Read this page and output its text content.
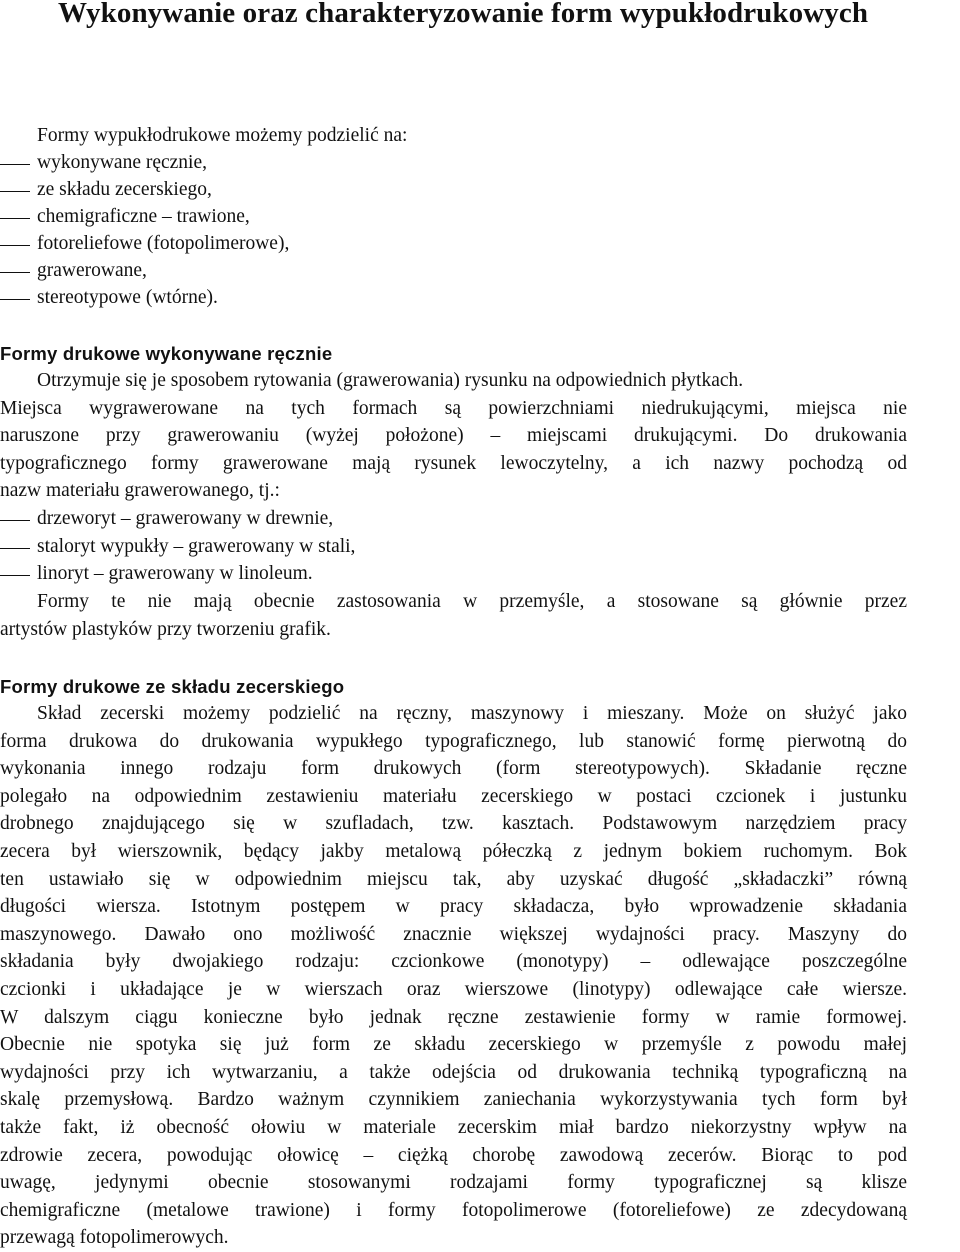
Wykonywanie oraz charakteryzowanie form wypukłodrukowych
Formy wypukłodrukowe możemy podzielić na:
wykonywane ręcznie,
ze składu zecerskiego,
chemigraficzne – trawione,
fotoreliefowe (fotopolimerowe),
grawerowane,
stereotypowe (wtórne).
Formy drukowe wykonywane ręcznie
Otrzymuje się je sposobem rytowania (grawerowania) rysunku na odpowiednich płytkach.
Miejsca wygrawerowane na tych formach są powierzchniami niedrukującymi, miejsca nie
naruszone przy grawerowaniu (wyżej położone) – miejscami drukującymi. Do drukowania
typograficznego formy grawerowane mają rysunek lewoczytelny, a ich nazwy pochodzą od
nazw materiału grawerowanego, tj.:
drzeworyt – grawerowany w drewnie,
staloryt wypukły – grawerowany w stali,
linoryt – grawerowany w linoleum.
Formy te nie mają obecnie zastosowania w przemyśle, a stosowane są głównie przez
artystów plastyków przy tworzeniu grafik.
Formy drukowe ze składu zecerskiego
Skład zecerski możemy podzielić na ręczny, maszynowy i mieszany. Może on służyć jako
forma drukowa do drukowania wypukłego typograficznego, lub stanowić formę pierwotną do
wykonania innego rodzaju form drukowych (form stereotypowych). Składanie ręczne
polegało na odpowiednim zestawieniu materiału zecerskiego w postaci czcionek i justunku
drobnego znajdującego się w szufladach, tzw. kasztach. Podstawowym narzędziem pracy
zecera był wierszownik, będący jakby metalową półeczką z jednym bokiem ruchomym. Bok
ten ustawiało się w odpowiednim miejscu tak, aby uzyskać długość „składaczki” równą
długości wiersza. Istotnym postępem w pracy składacza, było wprowadzenie składania
maszynowego. Dawało ono możliwość znacznie większej wydajności pracy. Maszyny do
składania były dwojakiego rodzaju: czcionkowe (monotypy) – odlewające poszczególne
czcionki i układające je w wierszach oraz wierszowe (linotypy) odlewające całe wiersze.
W dalszym ciągu konieczne było jednak ręczne zestawienie formy w ramie formowej.
Obecnie nie spotyka się już form ze składu zecerskiego w przemyśle z powodu małej
wydajności przy ich wytwarzaniu, a także odejścia od drukowania techniką typograficzną na
skalę przemysłową. Bardzo ważnym czynnikiem zaniechania wykorzystywania tych form był
także fakt, iż obecność ołowiu w materiale zecerskim miał bardzo niekorzystny wpływ na
zdrowie zecera, powodując ołowicę – ciężką chorobę zawodową zecerów. Biorąc to pod
uwagę, jedynymi obecnie stosowanymi rodzajami formy typograficznej są klisze
chemigraficzne (metalowe trawione) i formy fotopolimerowe (fotoreliefowe) ze zdecydowaną
przewagą fotopolimerowych.
